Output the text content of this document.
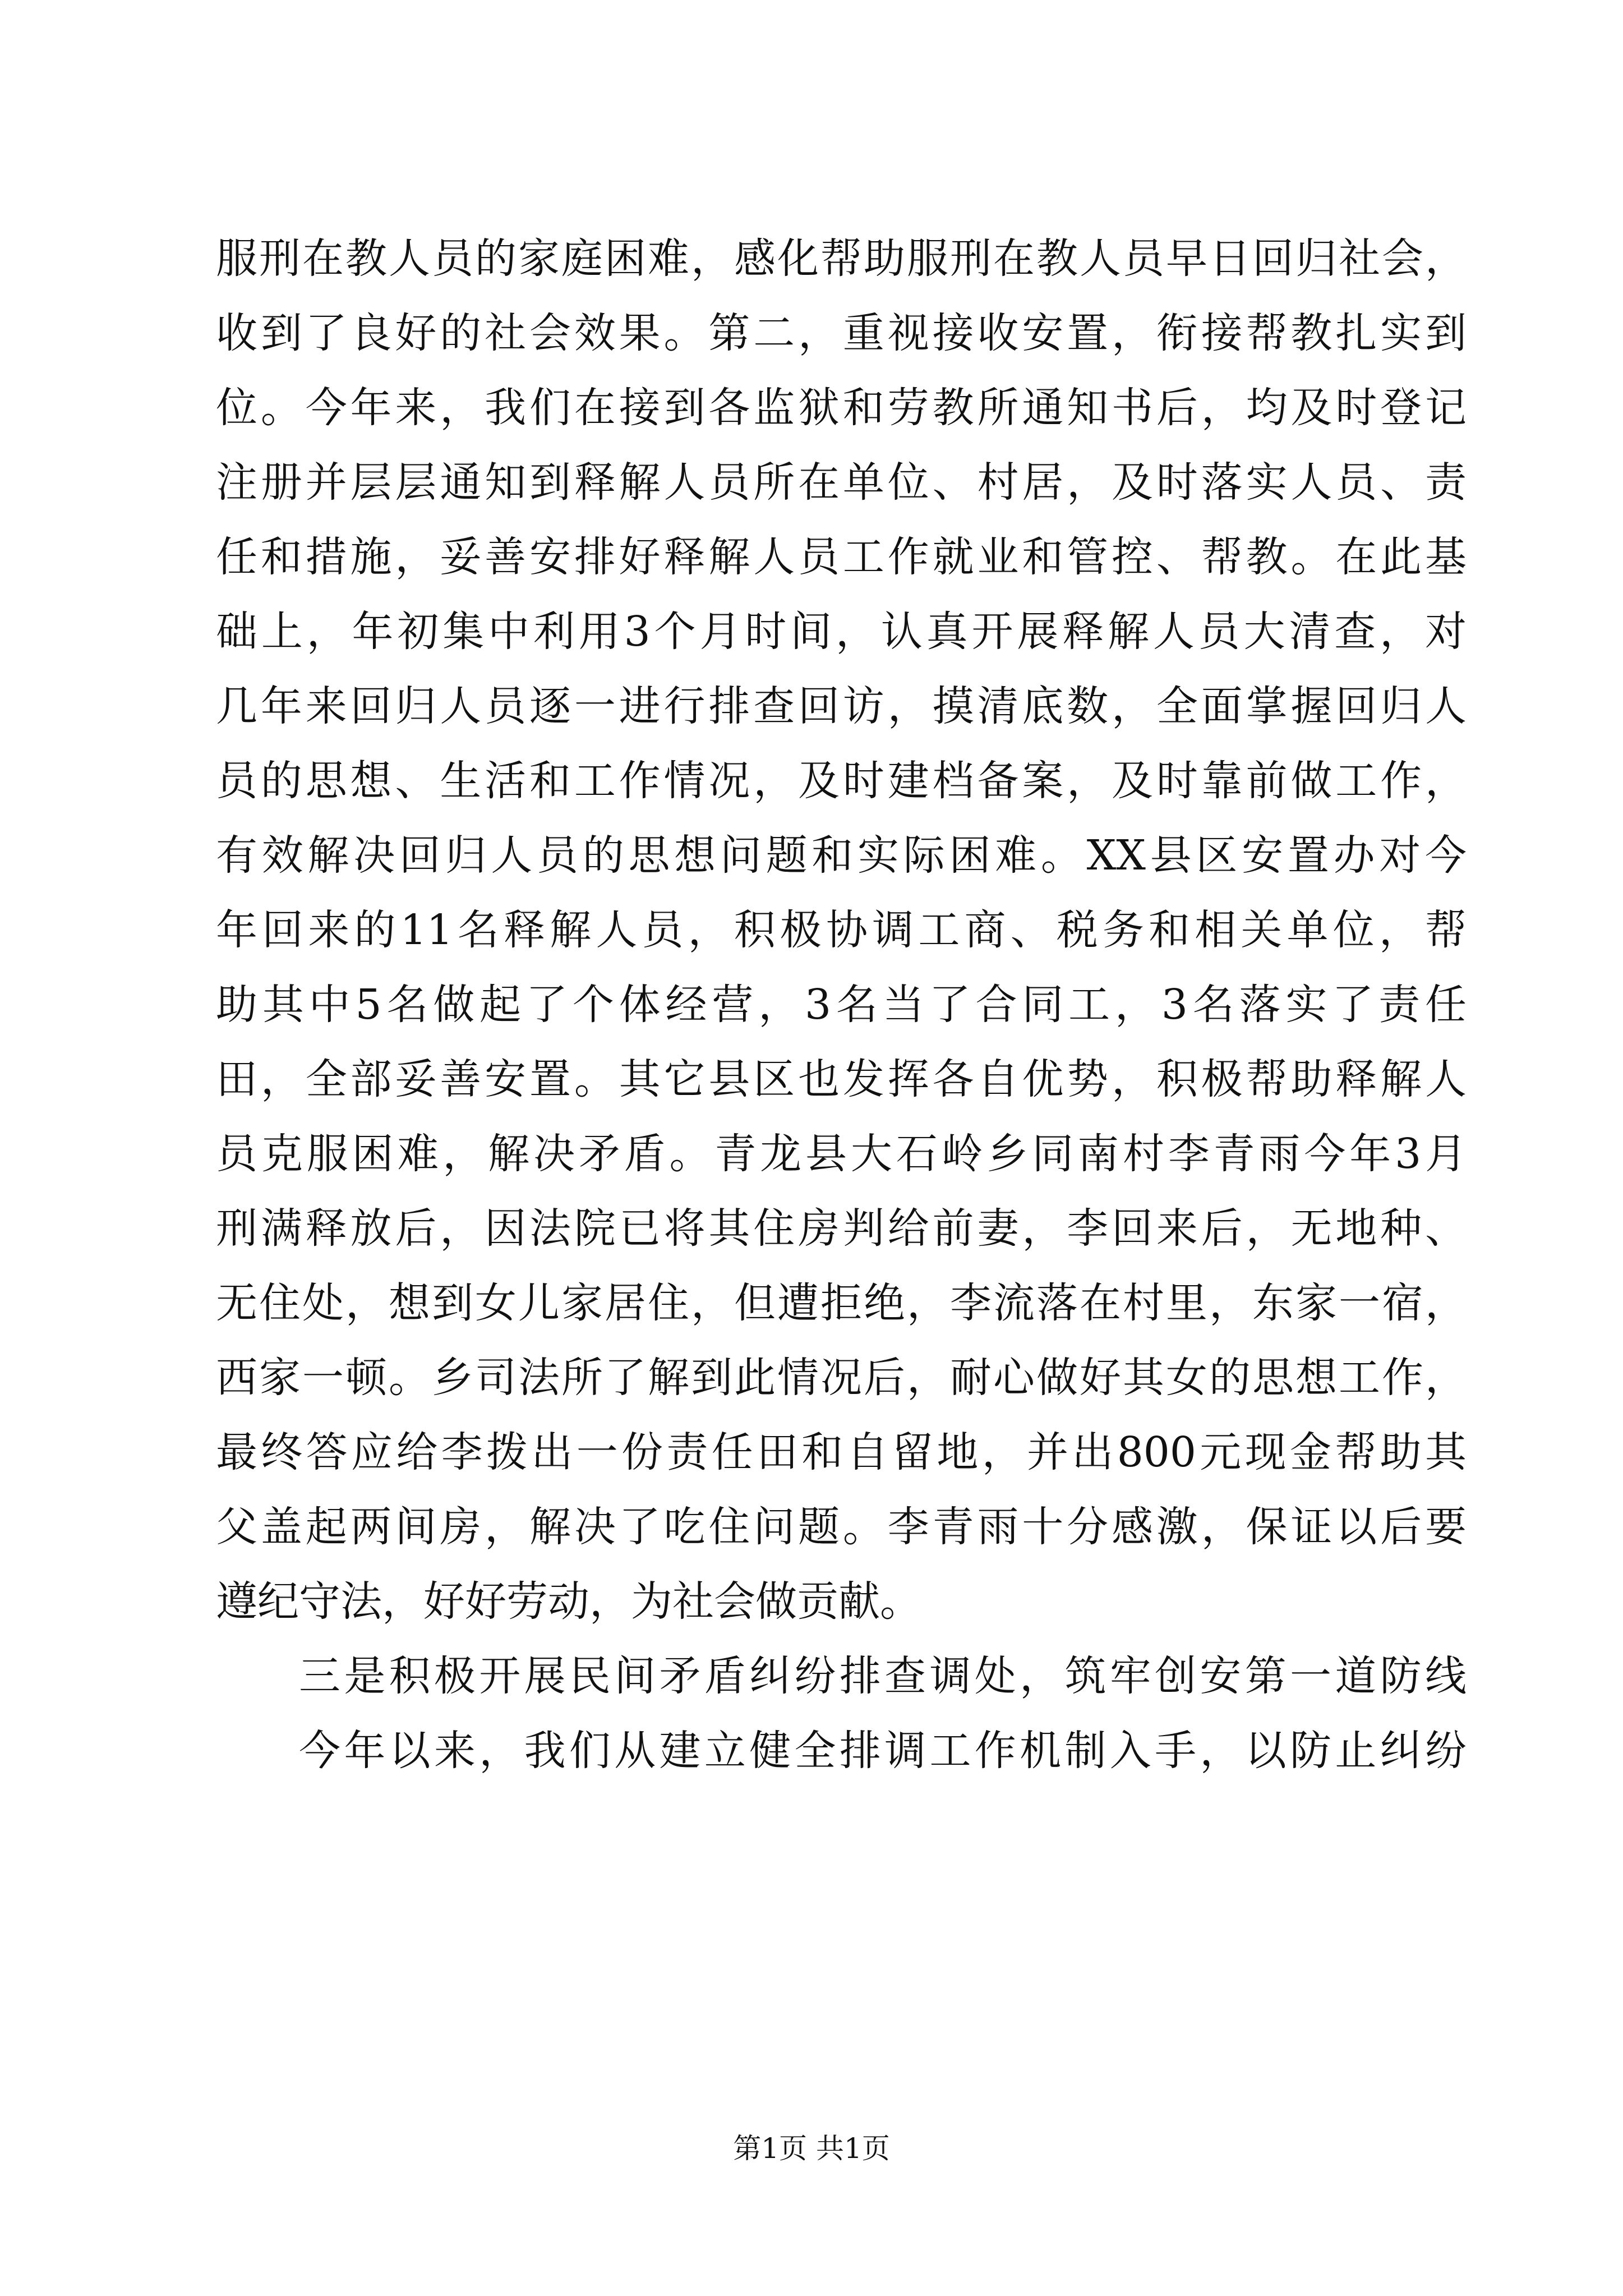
服刑在教人员的家庭困难，感化帮助服刑在教人员早日回归社会，
收到了良好的社会效果。第二，重视接收安置，衔接帮教扎实到
位。今年来，我们在接到各监狱和劳教所通知书后，均及时登记
注册并层层通知到释解人员所在单位、村居，及时落实人员、责
任和措施，妥善安排好释解人员工作就业和管控、帮教。在此基
础上，年初集中利用3个月时间，认真开展释解人员大清查，对
几年来回归人员逐一进行排查回访，摸清底数，全面掌握回归人
员的思想、生活和工作情况，及时建档备案，及时靠前做工作，
有效解决回归人员的思想问题和实际困难。XX县区安置办对今
年回来的11名释解人员，积极协调工商、税务和相关单位，帮
助其中5名做起了个体经营，3名当了合同工，3名落实了责任
田，全部妥善安置。其它县区也发挥各自优势，积极帮助释解人
员克服困难，解决矛盾。青龙县大石岭乡同南村李青雨今年3月
刑满释放后，因法院已将其住房判给前妻，李回来后，无地种、
无住处，想到女儿家居住，但遭拒绝，李流落在村里，东家一宿，
西家一顿。乡司法所了解到此情况后，耐心做好其女的思想工作，
最终答应给李拨出一份责任田和自留地，并出800元现金帮助其
父盖起两间房，解决了吃住问题。李青雨十分感激，保证以后要
遵纪守法，好好劳动，为社会做贡献。
三是积极开展民间矛盾纠纷排查调处，筑牢创安第一道防线
今年以来，我们从建立健全排调工作机制入手，以防止纠纷
第1页 共1页
